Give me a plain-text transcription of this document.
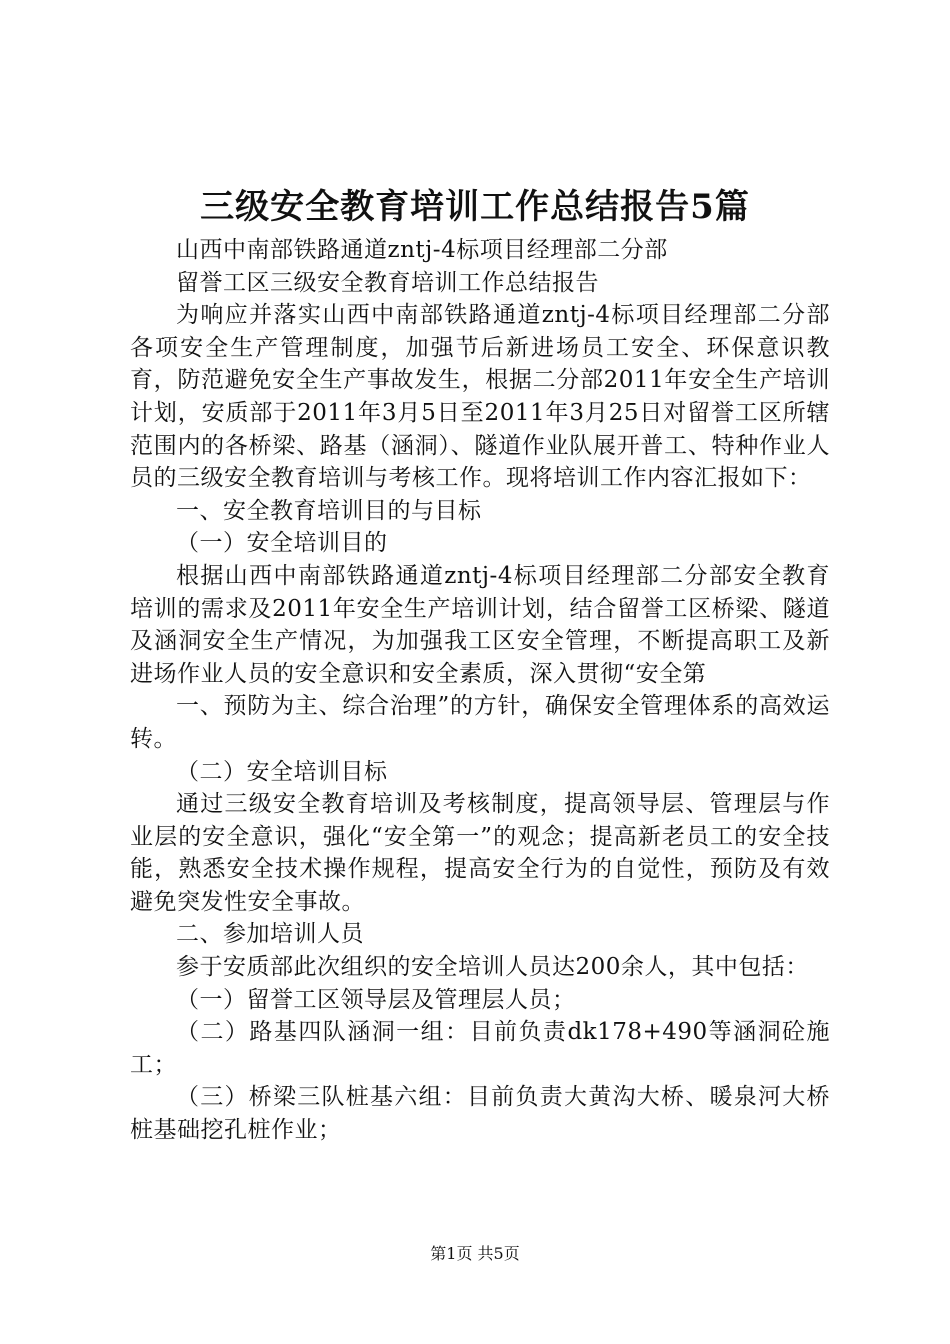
三级安全教育培训工作总结报告5篇

山西中南部铁路通道zntj-4标项目经理部二分部

留誉工区三级安全教育培训工作总结报告

为响应并落实山西中南部铁路通道zntj-4标项目经理部二分部各项安全生产管理制度，加强节后新进场员工安全、环保意识教育，防范避免安全生产事故发生，根据二分部2011年安全生产培训计划，安质部于2011年3月5日至2011年3月25日对留誉工区所辖范围内的各桥梁、路基（涵洞）、隧道作业队展开普工、特种作业人员的三级安全教育培训与考核工作。现将培训工作内容汇报如下：

一、安全教育培训目的与目标

（一）安全培训目的

根据山西中南部铁路通道zntj-4标项目经理部二分部安全教育培训的需求及2011年安全生产培训计划，结合留誉工区桥梁、隧道及涵洞安全生产情况，为加强我工区安全管理，不断提高职工及新进场作业人员的安全意识和安全素质，深入贯彻“安全第

一、预防为主、综合治理”的方针，确保安全管理体系的高效运转。

（二）安全培训目标

通过三级安全教育培训及考核制度，提高领导层、管理层与作业层的安全意识，强化“安全第一”的观念；提高新老员工的安全技能，熟悉安全技术操作规程，提高安全行为的自觉性，预防及有效避免突发性安全事故。

二、参加培训人员

参于安质部此次组织的安全培训人员达200余人，其中包括：

（一）留誉工区领导层及管理层人员；

（二）路基四队涵洞一组：目前负责dk178+490等涵洞砼施工；

（三）桥梁三队桩基六组：目前负责大黄沟大桥、暖泉河大桥桩基础挖孔桩作业；

第1页 共5页
